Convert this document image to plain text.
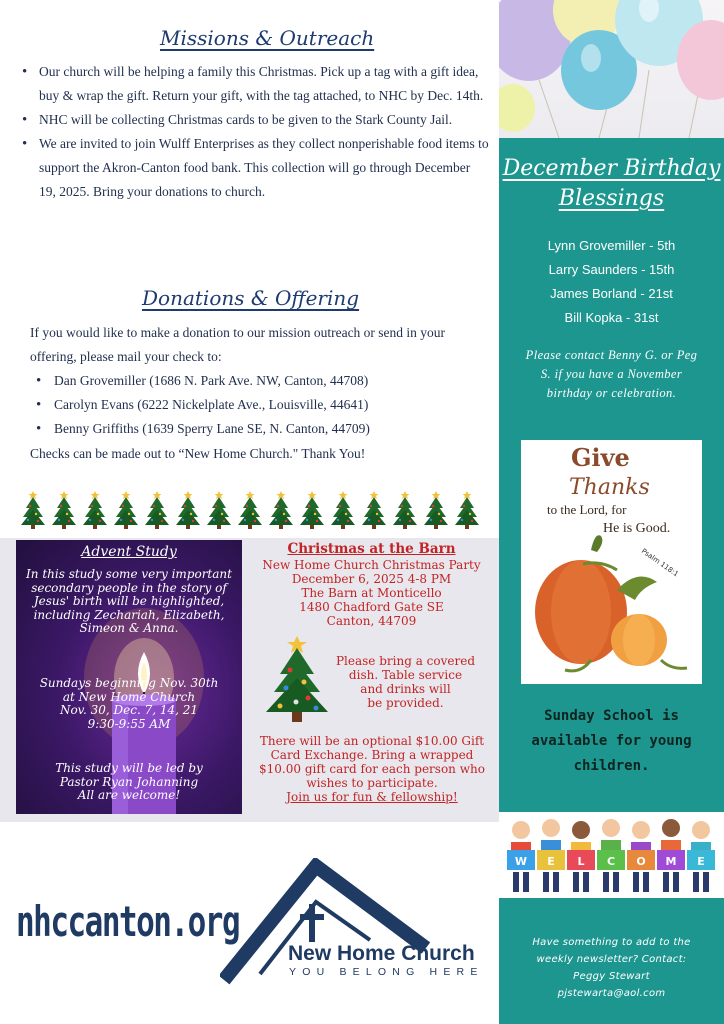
December Birthday
Blessings
Lynn Grovemiller - 5th
Larry Saunders - 15th
James Borland - 21st
Bill Kopka - 31st
Please contact Benny G. or Peg S. if you have a November birthday or celebration.
Give
Thanks
to the Lord, for
He is Good.
Psalm 118:1
Sunday School is available for young children.
W E L C O M E
Have something to add to the
weekly newsletter? Contact:
Peggy Stewart
pjstewarta@aol.com
Missions & Outreach
• Our church will be helping a family this Christmas. Pick up a tag with a gift idea, buy & wrap the gift. Return your gift, with the tag attached, to NHC by Dec. 14th.
• NHC will be collecting Christmas cards to be given to the Stark County Jail.
• We are invited to join Wulff Enterprises as they collect nonperishable food items to support the Akron-Canton food bank. This collection will go through December 19, 2025. Bring your donations to church.
Donations & Offering
If you would like to make a donation to our mission outreach or send in your offering, please mail your check to:
• Dan Grovemiller (1686 N. Park Ave. NW, Canton, 44708)
• Carolyn Evans (6222 Nickelplate Ave., Louisville, 44641)
• Benny Griffiths (1639 Sperry Lane SE, N. Canton, 44709)
Checks can be made out to “New Home Church." Thank You!
Advent Study
In this study some very important secondary people in the story of Jesus' birth will be highlighted, including Zechariah, Elizabeth, Simeon & Anna.
Sundays beginning Nov. 30th
at New Home Church
Nov. 30, Dec. 7, 14, 21
9:30-9:55 AM
This study will be led by
Pastor Ryan Johanning
All are welcome!
Christmas at the Barn
New Home Church Christmas Party
December 6, 2025 4-8 PM
The Barn at Monticello
1480 Chadford Gate SE
Canton, 44709
Please bring a covered
dish. Table service
and drinks will
be provided.
There will be an optional $10.00 Gift Card Exchange. Bring a wrapped $10.00 gift card for each person who wishes to participate.
Join us for fun & fellowship!
nhccanton.org
New Home Church
YOU BELONG HERE
